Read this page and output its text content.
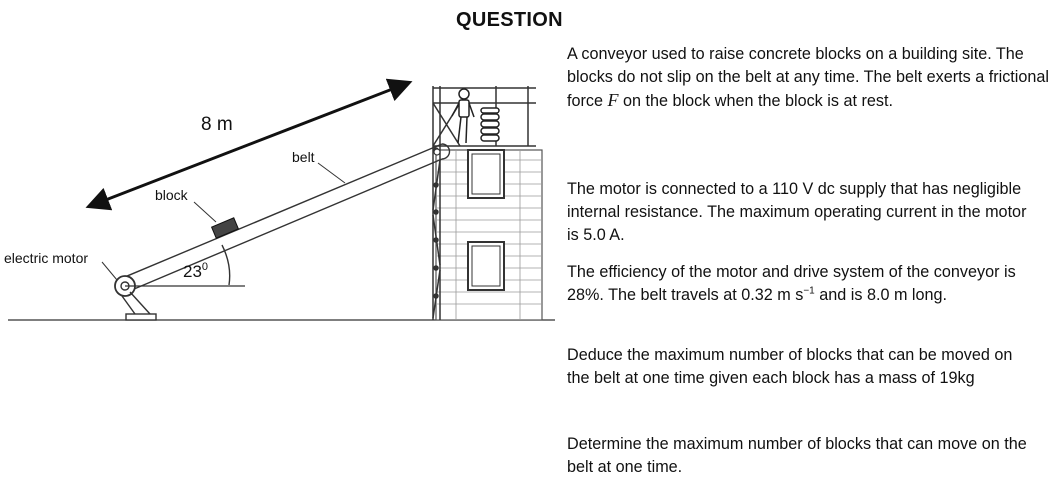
8 m
belt
block
electric motor
$23^0$
QUESTION
A conveyor used to raise concrete blocks on a building site. The blocks do not slip on the belt at any time. The belt exerts a frictional force F on the block when the block is at rest.
The motor is connected to a 110 V dc supply that has negligible internal resistance. The maximum operating current in the motor is 5.0 A.
The efficiency of the motor and drive system of the conveyor is 28%. The belt travels at 0.32 m $s^{-1}$ and is 8.0 m long.
Deduce the maximum number of blocks that can be moved on the belt at one time given each block has a mass of 19kg
Determine the maximum number of blocks that can move on the belt at one time.
